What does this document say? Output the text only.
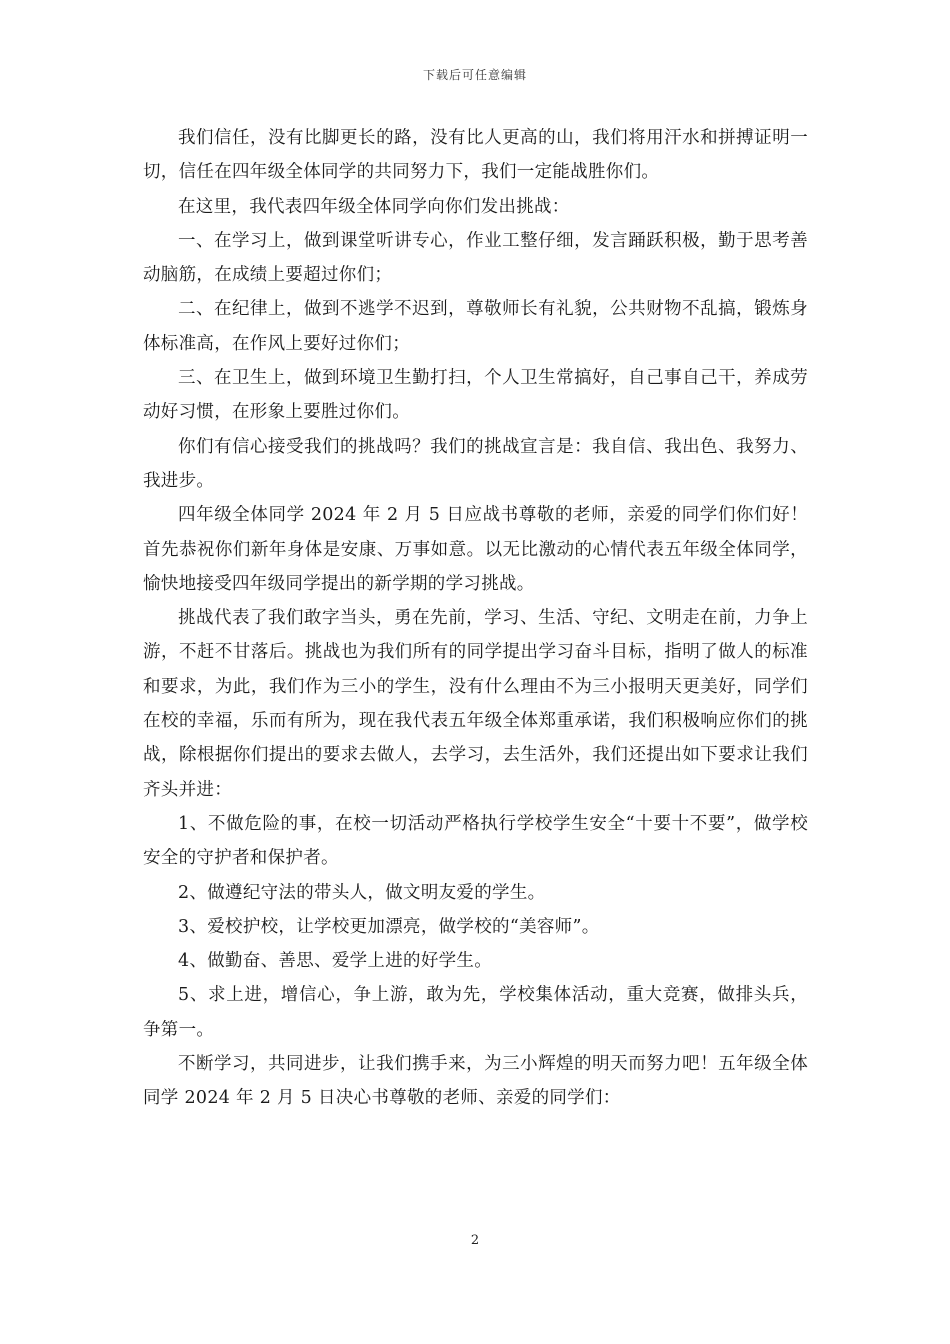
下载后可任意编辑

我们信任，没有比脚更长的路，没有比人更高的山，我们将用汗水和拼搏证明一切，信任在四年级全体同学的共同努力下，我们一定能战胜你们。

在这里，我代表四年级全体同学向你们发出挑战：

一、在学习上，做到课堂听讲专心，作业工整仔细，发言踊跃积极，勤于思考善动脑筋，在成绩上要超过你们；

二、在纪律上，做到不逃学不迟到，尊敬师长有礼貌，公共财物不乱搞，锻炼身体标准高，在作风上要好过你们；

三、在卫生上，做到环境卫生勤打扫，个人卫生常搞好，自己事自己干，养成劳动好习惯，在形象上要胜过你们。

你们有信心接受我们的挑战吗？我们的挑战宣言是：我自信、我出色、我努力、我进步。

四年级全体同学 2024 年 2 月 5 日应战书尊敬的老师，亲爱的同学们你们好！首先恭祝你们新年身体是安康、万事如意。以无比激动的心情代表五年级全体同学，愉快地接受四年级同学提出的新学期的学习挑战。

挑战代表了我们敢字当头，勇在先前，学习、生活、守纪、文明走在前，力争上游，不赶不甘落后。挑战也为我们所有的同学提出学习奋斗目标，指明了做人的标准和要求，为此，我们作为三小的学生，没有什么理由不为三小报明天更美好，同学们在校的幸福，乐而有所为，现在我代表五年级全体郑重承诺，我们积极响应你们的挑战，除根据你们提出的要求去做人，去学习，去生活外，我们还提出如下要求让我们齐头并进：

1、不做危险的事，在校一切活动严格执行学校学生安全“十要十不要”，做学校安全的守护者和保护者。

2、做遵纪守法的带头人，做文明友爱的学生。

3、爱校护校，让学校更加漂亮，做学校的“美容师”。

4、做勤奋、善思、爱学上进的好学生。

5、求上进，增信心，争上游，敢为先，学校集体活动，重大竞赛，做排头兵，争第一。

不断学习，共同进步，让我们携手来，为三小辉煌的明天而努力吧！五年级全体同学 2024 年 2 月 5 日决心书尊敬的老师、亲爱的同学们：

2
